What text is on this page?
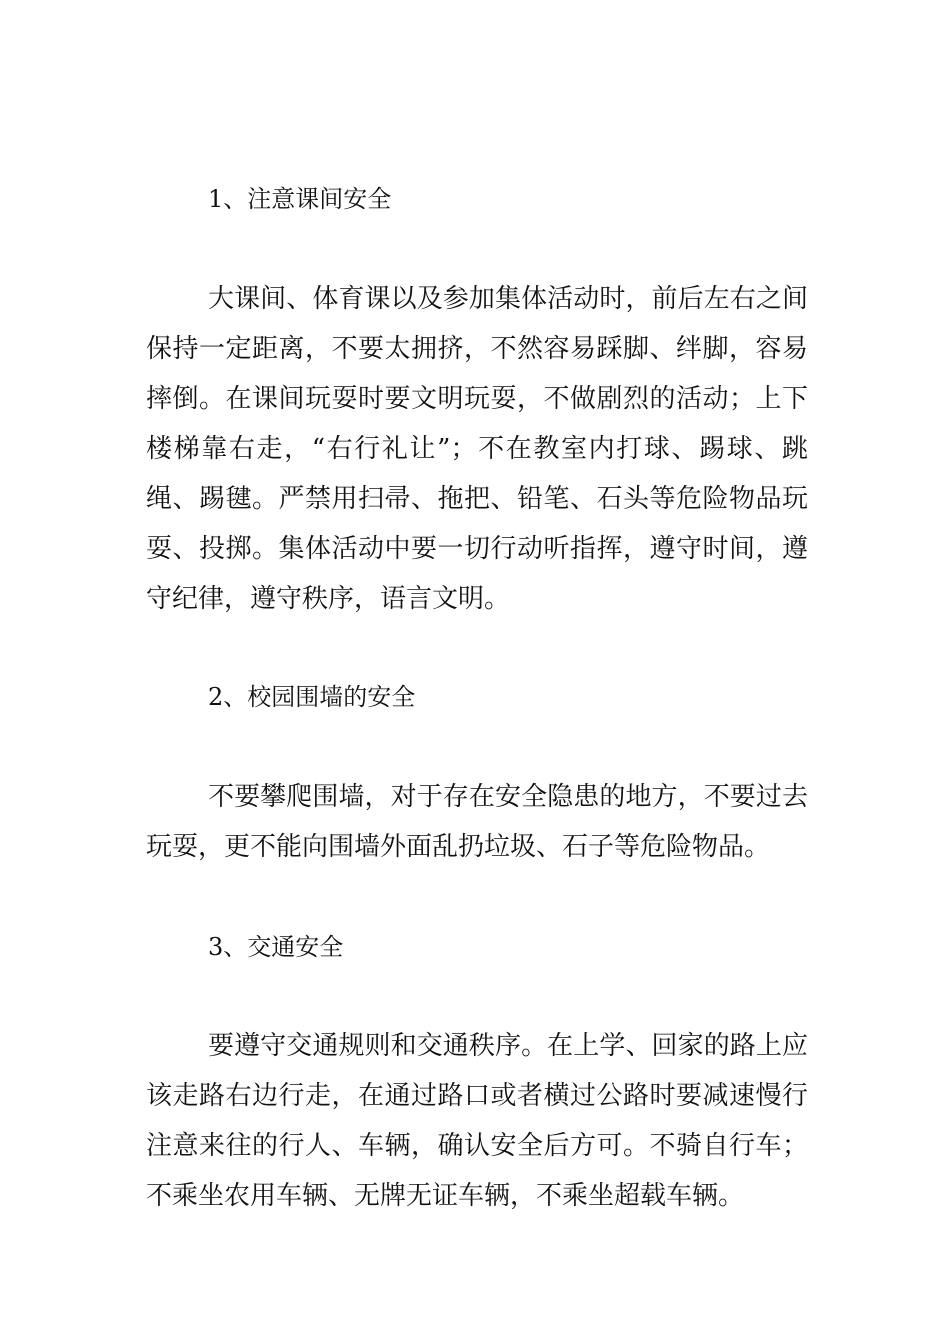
1、注意课间安全

大课间、体育课以及参加集体活动时，前后左右之间保持一定距离，不要太拥挤，不然容易踩脚、绊脚，容易摔倒。在课间玩耍时要文明玩耍，不做剧烈的活动；上下楼梯靠右走，“右行礼让”；不在教室内打球、踢球、跳绳、踢毽。严禁用扫帚、拖把、铅笔、石头等危险物品玩耍、投掷。集体活动中要一切行动听指挥，遵守时间，遵守纪律，遵守秩序，语言文明。

2、校园围墙的安全

不要攀爬围墙，对于存在安全隐患的地方，不要过去玩耍，更不能向围墙外面乱扔垃圾、石子等危险物品。

3、交通安全

要遵守交通规则和交通秩序。在上学、回家的路上应该走路右边行走，在通过路口或者横过公路时要减速慢行注意来往的行人、车辆，确认安全后方可。不骑自行车；不乘坐农用车辆、无牌无证车辆，不乘坐超载车辆。
